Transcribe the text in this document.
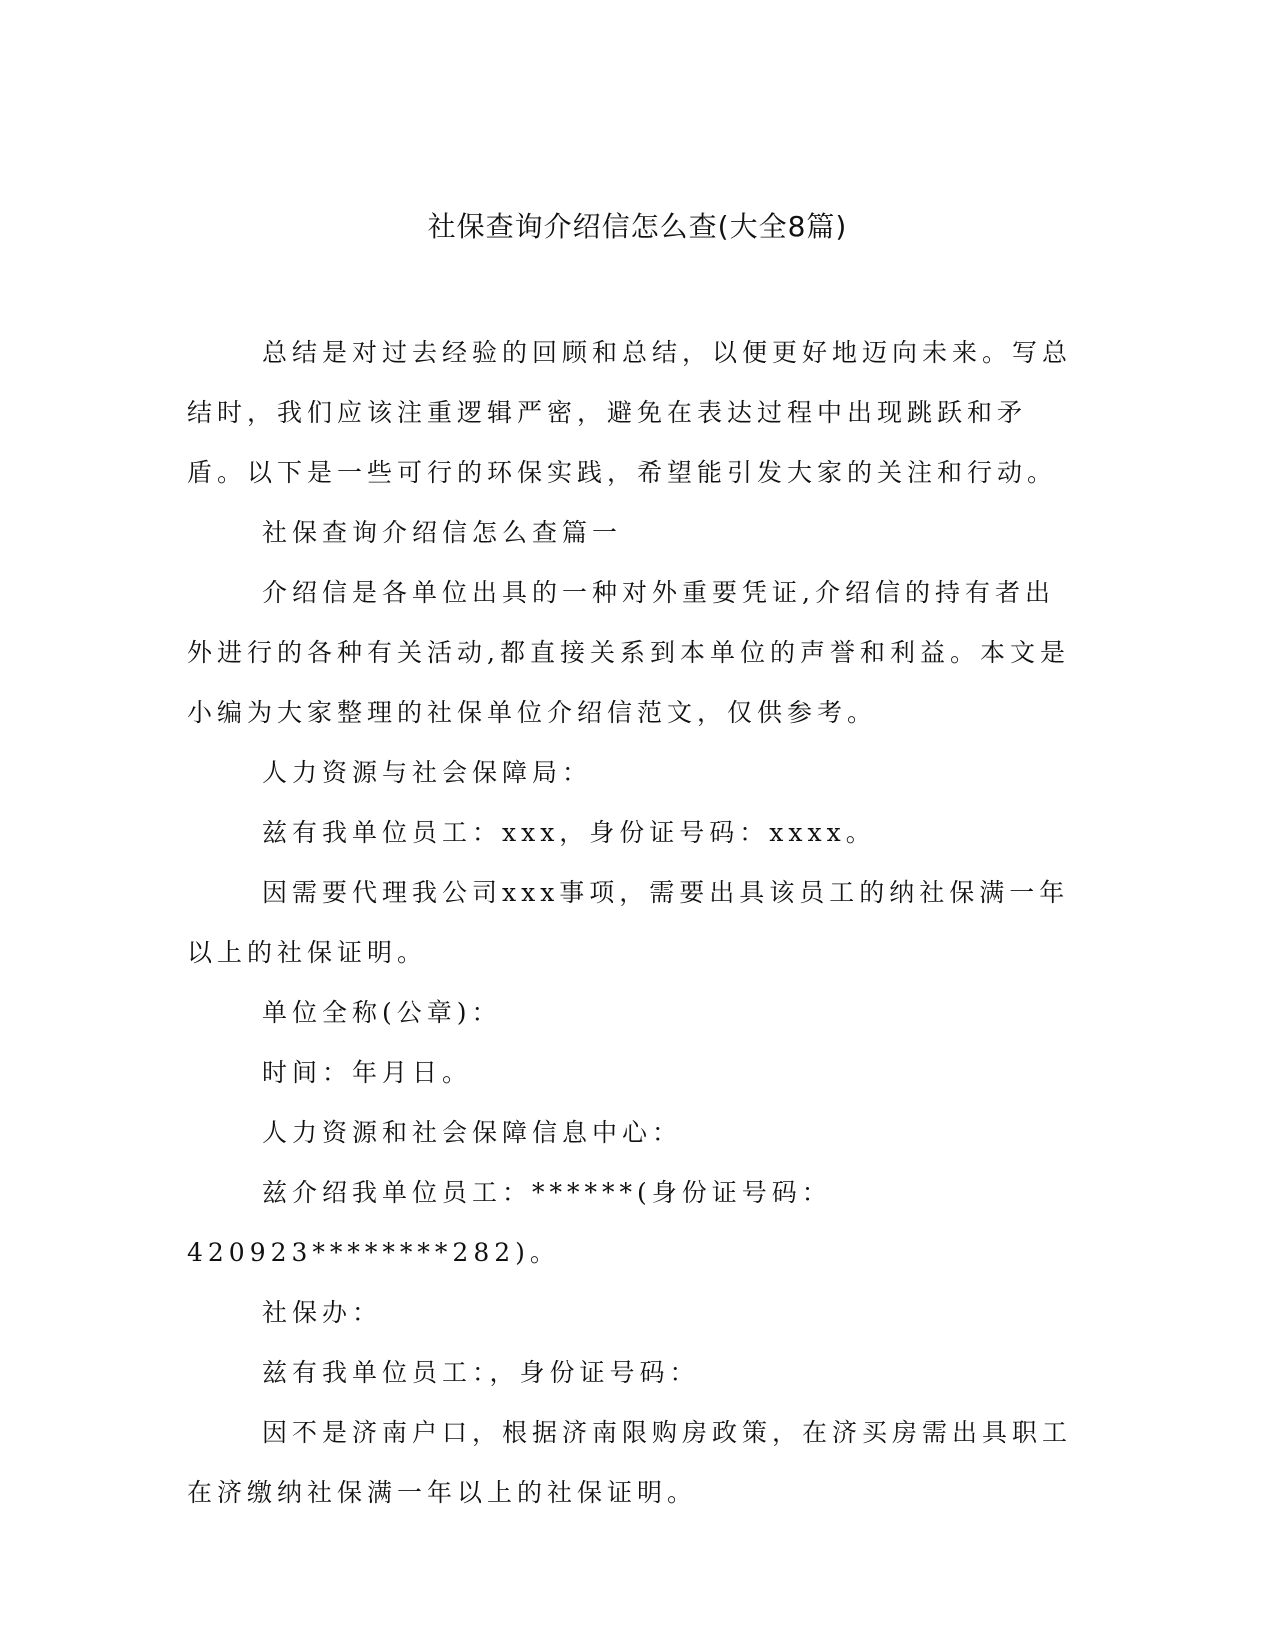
社保查询介绍信怎么查(大全8篇)

总结是对过去经验的回顾和总结，以便更好地迈向未来。写总结时，我们应该注重逻辑严密，避免在表达过程中出现跳跃和矛盾。以下是一些可行的环保实践，希望能引发大家的关注和行动。

社保查询介绍信怎么查篇一

介绍信是各单位出具的一种对外重要凭证,介绍信的持有者出外进行的各种有关活动,都直接关系到本单位的声誉和利益。本文是小编为大家整理的社保单位介绍信范文，仅供参考。

人力资源与社会保障局：

兹有我单位员工：xxx，身份证号码：xxxx。

因需要代理我公司xxx事项，需要出具该员工的纳社保满一年以上的社保证明。

单位全称(公章)：

时间：年月日。

人力资源和社会保障信息中心：

兹介绍我单位员工：******(身份证号码：420923********282)。

社保办：

兹有我单位员工：，身份证号码：

因不是济南户口，根据济南限购房政策，在济买房需出具职工在济缴纳社保满一年以上的社保证明。
